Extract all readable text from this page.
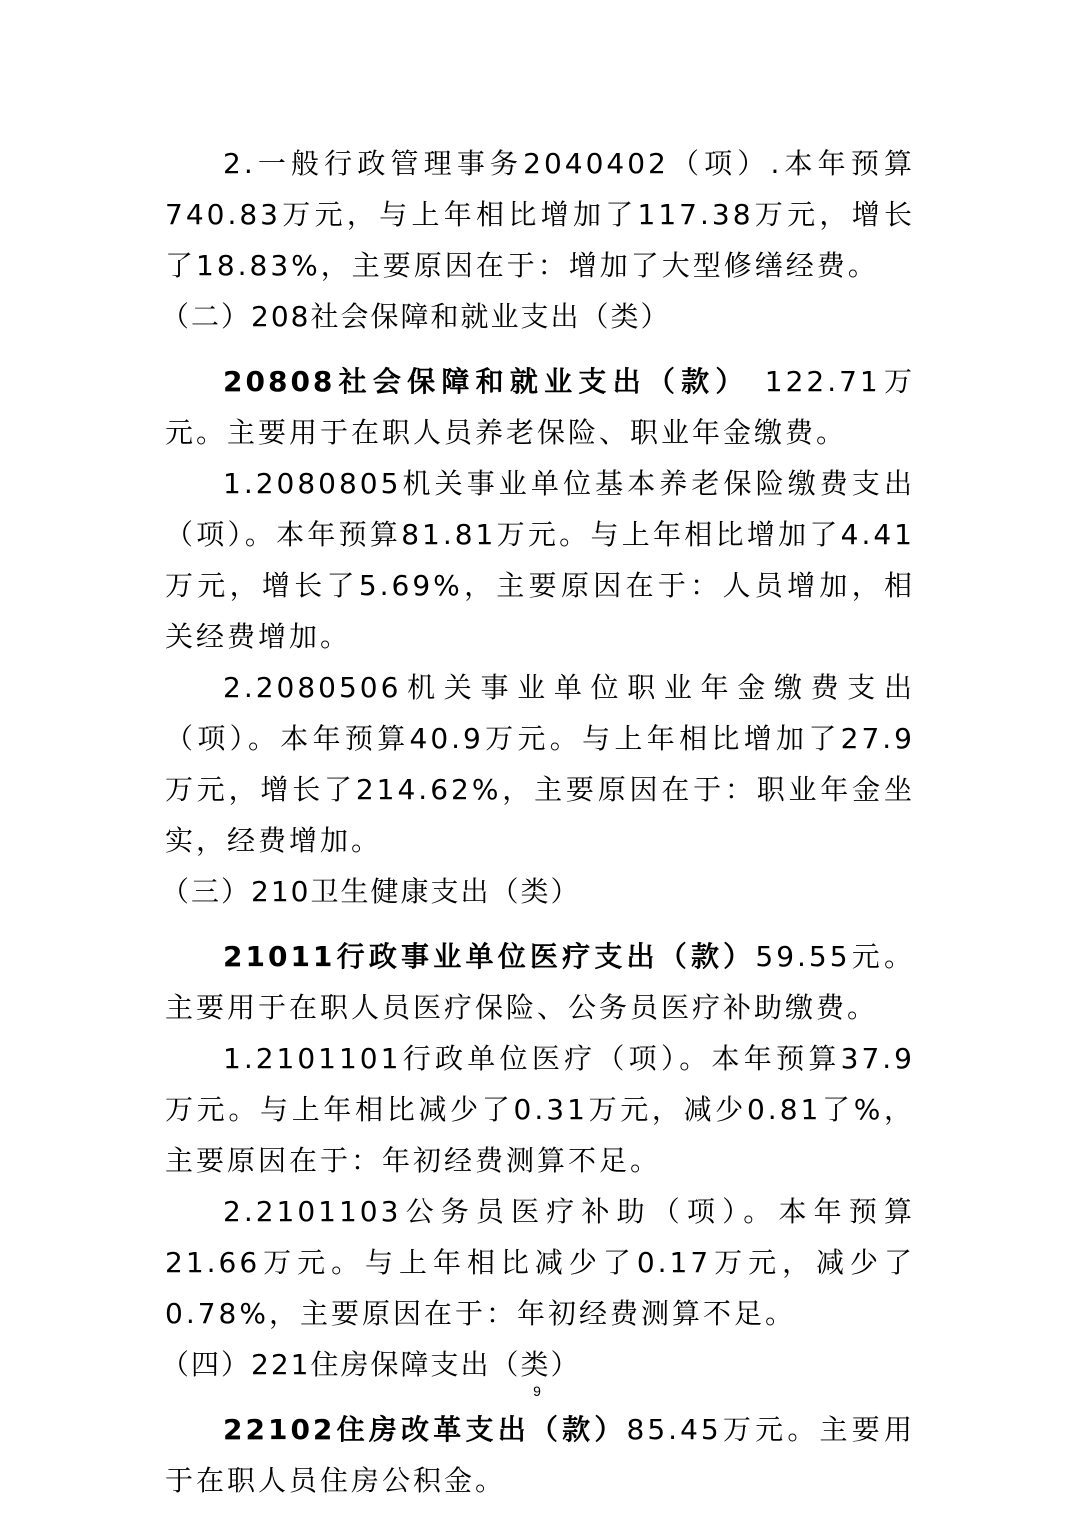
2.一般行政管理事务2040402（项）.本年预算740.83万元，与上年相比增加了117.38万元，增长了18.83%，主要原因在于：增加了大型修缮经费。

（二）208社会保障和就业支出（类）

20808社会保障和就业支出（款） 122.71万元。主要用于在职人员养老保险、职业年金缴费。

1.2080805机关事业单位基本养老保险缴费支出（项）。本年预算81.81万元。与上年相比增加了4.41万元，增长了5.69%，主要原因在于：人员增加，相关经费增加。

2.2080506机关事业单位职业年金缴费支出（项）。本年预算40.9万元。与上年相比增加了27.9万元，增长了214.62%，主要原因在于：职业年金坐实，经费增加。

（三）210卫生健康支出（类）

21011行政事业单位医疗支出（款）59.55元。主要用于在职人员医疗保险、公务员医疗补助缴费。

1.2101101行政单位医疗（项）。本年预算37.9万元。与上年相比减少了0.31万元，减少0.81了%，主要原因在于：年初经费测算不足。

2.2101103公务员医疗补助（项）。本年预算21.66万元。与上年相比减少了0.17万元，减少了0.78%，主要原因在于：年初经费测算不足。

（四）221住房保障支出（类）

22102住房改革支出（款）85.45万元。主要用于在职人员住房公积金。

9
